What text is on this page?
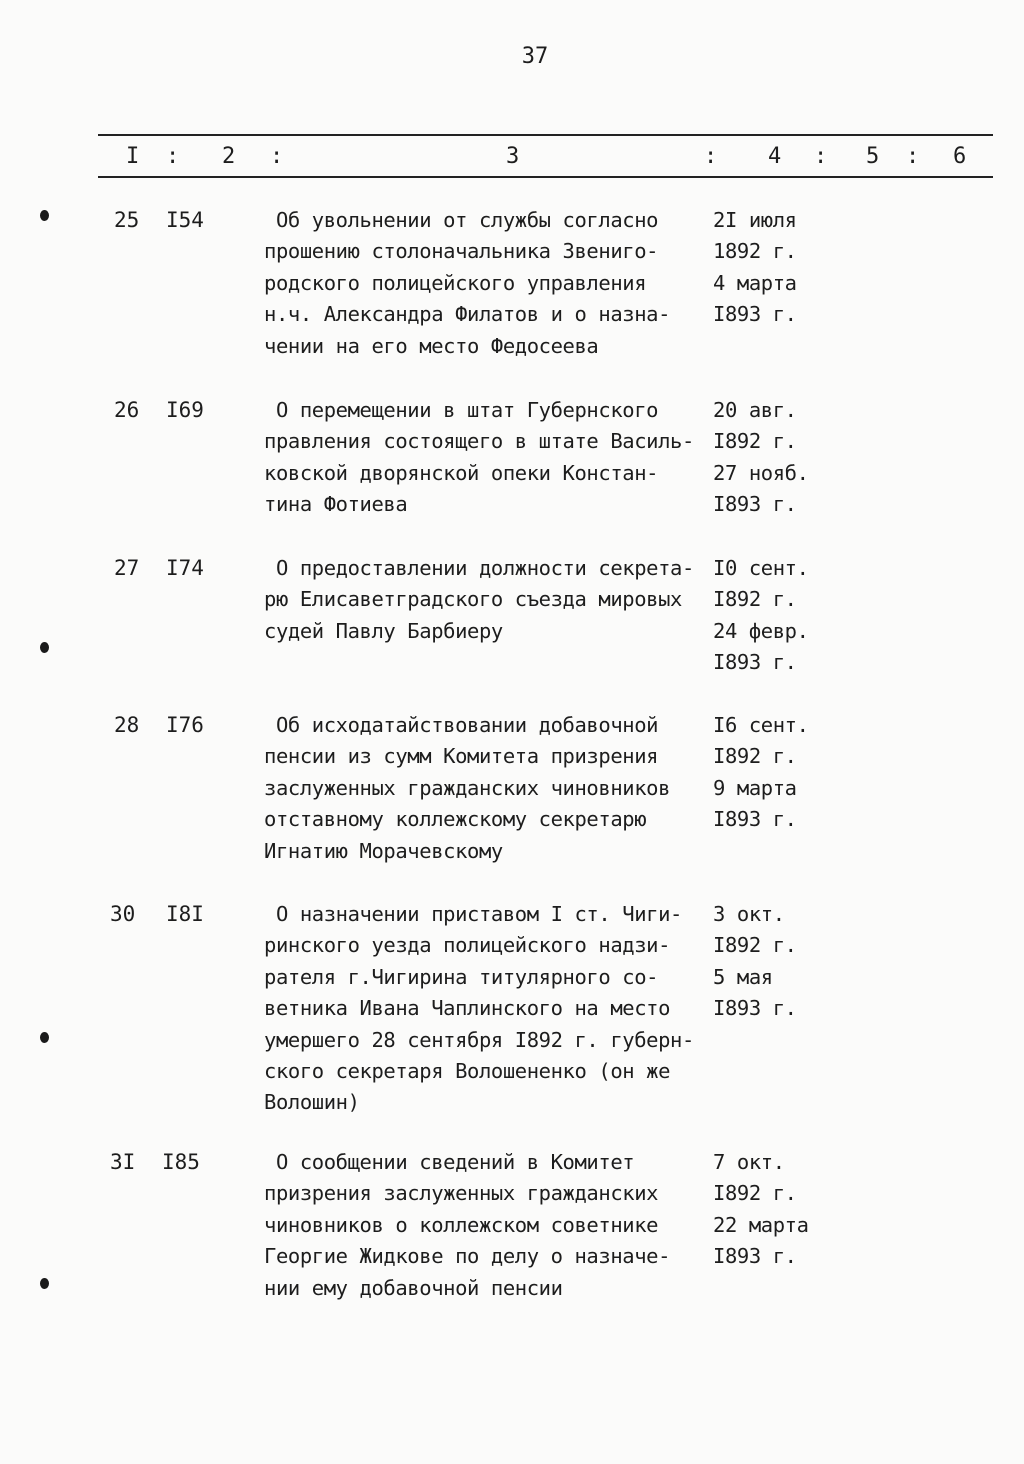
37
I : 2 :	3	: 4 : 5 : 6
25 I54	Об увольнении от службы согласно
прошению столоначальника Звениго-
родского полицейского управления
н.ч. Александра Филатов и о назна-
чении на его место Федосеева
2I июля
1892 г.
4 марта
I893 г.
26 I69	О перемещении в штат Губернского
правления состоящего в штате Василь-
ковской дворянской опеки Констан-
тина Фотиева
20 авг.
I892 г.
27 нояб.
I893 г.
27 I74	О предоставлении должности секрета-
рю Елисаветградского съезда мировых
судей Павлу Барбиеру
I0 сент.
I892 г.
24 февр.
I893 г.
28 I76	Об исходатайствовании добавочной
пенсии из сумм Комитета призрения
заслуженных гражданских чиновников
отставному коллежскому секретарю
Игнатию Морачевскому
I6 сент.
I892 г.
9 марта
I893 г.
30 I8I	О назначении приставом I ст. Чиги-
ринского уезда полицейского надзи-
рателя г.Чигирина титулярного со-
ветника Ивана Чаплинского на место
умершего 28 сентября I892 г. губерн-
ского секретаря Волошененко (он же
Волошин)
3 окт.
I892 г.
5 мая
I893 г.
3I I85	О сообщении сведений в Комитет
призрения заслуженных гражданских
чиновников о коллежском советнике
Георгие Жидкове по делу о назначе-
нии ему добавочной пенсии
7 окт.
I892 г.
22 марта
I893 г.
